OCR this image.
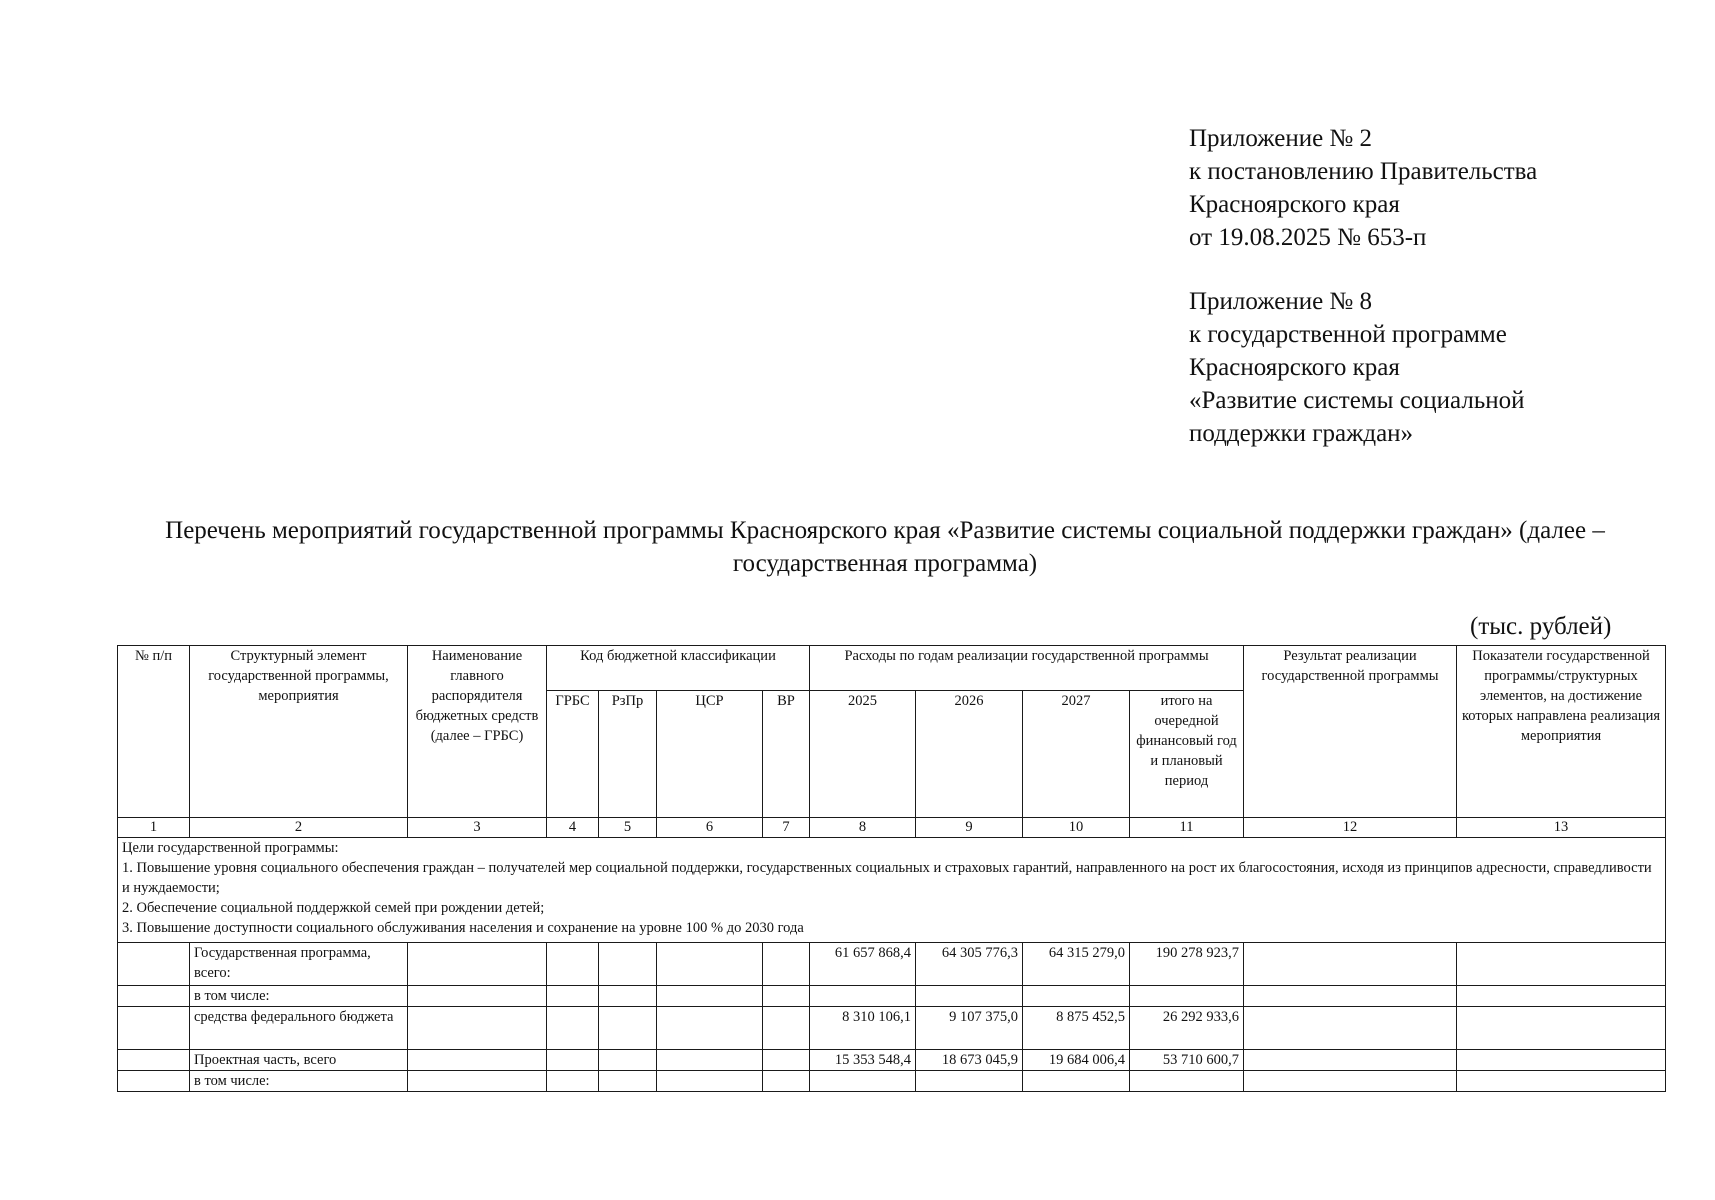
Приложение № 2
к постановлению Правительства
Красноярского края
от 19.08.2025 № 653-п
Приложение № 8
к государственной программе
Красноярского края
«Развитие системы социальной
поддержки граждан»
Перечень мероприятий государственной программы Красноярского края «Развитие системы социальной поддержки граждан» (далее – государственная программа)
(тыс. рублей)
№ п/п	Структурный элемент государственной программы, мероприятия	Наименование главного распорядителя бюджетных средств (далее – ГРБС)	Код бюджетной классификации				Расходы по годам реализации государственной программы				Результат реализации государственной программы	Показатели государственной программы/структурных элементов, на достижение которых направлена реализация мероприятия
			ГРБС	РзПр	ЦСР	ВР	2025	2026	2027	итого на очередной финансовый год и плановый период		
1	2	3	4	5	6	7	8	9	10	11	12	13

Цели государственной программы:
1. Повышение уровня социального обеспечения граждан – получателей мер социальной поддержки, государственных социальных и страховых гарантий, направленного на рост их благосостояния, исходя из принципов адресности, справедливости и нуждаемости;
2. Обеспечение социальной поддержкой семей при рождении детей;
3. Повышение доступности социального обслуживания населения и сохранение на уровне 100 % до 2030 года												

	Государственная программа, всего:						61 657 868,4	64 305 776,3	64 315 279,0	190 278 923,7		
	в том числе:											
	средства федерального бюджета						8 310 106,1	9 107 375,0	8 875 452,5	26 292 933,6		
	Проектная часть, всего						15 353 548,4	18 673 045,9	19 684 006,4	53 710 600,7		
	в том числе:											
